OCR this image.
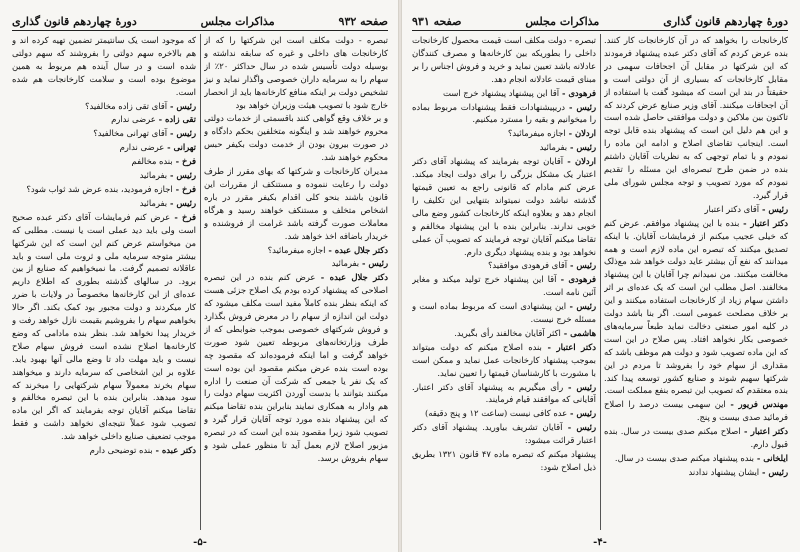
صفحه ۹۳۲
مذاکرات مجلس
دورهٔ چهاردهم قانون گذاری

تبصره - دولت مکلف است این شرکتها را که از کارخانجات های داخلی و غیره که سابقه نداشته و بوسیله دولت تأسیس شده در سال حداکثر ۲۰٪ از سهام را به سرمایه داران خصوصی واگذار نماید و نیز تشخیص دولت بر اینکه منافع کارخانه‌ها باید از انحصار خارج شود با تصویب هیئت وزیران خواهد بود

و بر خلاف وقع گواهی کنند باقسمتی از خدمات دولتی محروم خواهند شد و اینگونه متخلفین بحکم دادگاه و در صورت بیرون بودن از خدمت دولت بکیفر حبس محکوم خواهند شد.

مدیران کارخانجات و شرکتها که بهای مقرر از طرف دولت را رعایت ننموده و مستنکف از مقررات این قانون باشند بنحو کلی اقدام بکیفر مقرر در باره اشخاص متخلف و مستنکف خواهند رسید و هرگاه معاملات صورت گرفته باشد غرامت از فروشنده و خریدار باضافه اخذ خواهد شد.

دکتر جلال عبده - اجازه میفرمائید؟

رئیس - بفرمائید

دکتر جلال عبده - عرض کنم بنده در این تبصره اصلاحی که پیشنهاد کرده بودم یک اصلاح جزئی هست که اینکه بنظر بنده کاملاً مفید است مکلف میشود که دولت این اندازه از سهام را در معرض فروش بگذارد و فروش شرکتهای خصوصی بموجب ضوابطی که از طرف وزارتخانه‌های مربوطه تعیین شود صورت خواهد گرفت و اما اینکه فرموده‌اند که مقصود چه بوده است بنده عرض میکنم مقصود این بوده است که یک نفر یا جمعی که شرکت آن صنعت را اداره میکنند بتوانند با بدست آوردن اکثریت سهام دولت را هم وادار به همکاری نمایند بنابراین بنده تقاضا میکنم که این پیشنهاد بنده مورد توجه آقایان قرار گیرد و تصویب شود زیرا مقصود بنده این است که در تبصره مزبور اصلاح لازم بعمل آید تا منظور عملی شود و سهام بفروش برسد.

که موجود است یک سانتیمتر تضمین تهیه کرده اند و هم بالاخره سهم دولتی را بفروشند که سهم دولتی شده است و در سال آینده هم مربوط به همین موضوع بوده است و سلامت کارخانجات هم شده است.

رئیس - آقای تقی‌ زاده مخالفید؟

تقی زاده - عرضی ندارم

رئیس - آقای تهرانی مخالفید؟

تهرانی - عرضی ندارم

فرخ - بنده مخالفم

رئیس - بفرمائید

فرخ - اجازه فرمودید، بنده عرض شد ثواب شود؟

رئیس - بفرمائید

فرخ - عرض کنم فرمایشات آقای دکتر عبده صحیح است ولی باید دید عملی است یا نیست. مطلبی که من میخواستم عرض کنم این است که این شرکتها بیشتر متوجه سرمایه ملی و ثروت ملی است و باید عاقلانه تصمیم گرفت. ما نمیخواهیم که صنایع از بین برود. در سالهای گذشته بطوری که اطلاع داریم عده‌ای از این کارخانه‌ها مخصوصاً در ولایات با ضرر کار میکردند و دولت مجبور بود کمک بکند. اگر حالا بخواهیم سهام را بفروشیم بقیمت نازل خواهد رفت و خریدار پیدا نخواهد شد. بنظر بنده مادامی که وضع کارخانه‌ها اصلاح نشده است فروش سهام صلاح نیست و باید مهلت داد تا وضع مالی آنها بهبود یابد. علاوه بر این اشخاصی که سرمایه دارند و میخواهند سهام بخرند معمولاً سهام شرکتهایی را میخرند که سود میدهد. بنابراین بنده با این تبصره مخالفم و تقاضا میکنم آقایان توجه بفرمایند که اگر این ماده تصویب شود عملاً نتیجه‌ای نخواهد داشت و فقط موجب تضعیف صنایع داخلی خواهد شد.

دکتر عبده - بنده توضیحی دارم

-۵-
دورهٔ چهاردهم قانون گذاری
مذاکرات مجلس
صفحه ۹۳۱

کارخانجات را بخواهد که در آن کارخانجات کار کنند. بنده عرض کردم که آقای دکتر عبده پیشنهاد فرمودند که این شرکتها در مقابل آن اجحافات سهمی در مقابل کارخانجات که بسیاری از آن دولتی است و حقیقتاً در بند این است که میشود گفت با استفاده از آن اجحافات میکنند. آقای وزیر صنایع عرض کردند که تاکنون بین ملاکین و دولت موافقتی حاصل شده است و این هم دلیل این است که پیشنهاد بنده قابل توجه است. اینجانب تقاضای اصلاح و ادامه این ماده را نمودم و با تمام توجهی که به نظریات آقایان داشتم بنده در ضمن طرح تبصره‌ای این مسئله را تقدیم نمودم که مورد تصویب و توجه مجلس شورای ملی قرار گیرد.

رئیس - آقای دکتر اعتبار

دکتر اعتبار - بنده با این پیشنهاد موافقم. عرض کنم که خیلی عجیب میکنم از فرمایشات آقایان. با اینکه تصدیق میکنند که تبصره این ماده لازم است و همه میدانند که نفع آن بیشتر عاید دولت خواهد شد مع‌ذلک مخالفت میکنند. من نمیدانم چرا آقایان با این پیشنهاد مخالفند. اصل مطلب این است که یک عده‌ای بر اثر داشتن سهام زیاد از کارخانجات استفاده میکنند و این بر خلاف مصلحت عمومی است. اگر بنا باشد دولت در کلیه امور صنعتی دخالت نماید طبعاً سرمایه‌های خصوصی بکار نخواهد افتاد. پس صلاح در این است که این ماده تصویب شود و دولت هم موظف باشد که مقداری از سهام خود را بفروشد تا مردم در این شرکتها سهیم شوند و صنایع کشور توسعه پیدا کند. بنده معتقدم که تصویب این تبصره بنفع مملکت است.

مهندس فریور - این سهمی بیست درصد را اصلاح فرمائید صدی بیست و پنج.

دکتر اعتبار - اصلاح میکنم صدی بیست در سال. بنده قبول دارم.

ایلخانی - بنده پیشنهاد میکنم صدی بیست در سال.

رئیس - ایشان پیشنهاد ندادند

تبصره - دولت مکلف است قیمت محصول کارخانجات داخلی را بطوریکه بین کارخانه‌ها و مصرف کنندگان عادلانه باشد تعیین نماید و خرید و فروش اجناس را بر مبنای قیمت عادلانه انجام دهد.

فرهودی - آقا این پیشنهاد پیشنهاد خرج است

رئیس - دریپیشنهادات فقط پیشنهادات مربوط بماده را میخوانیم و بقیه را مسترد میکنیم.

اردلان - اجازه میفرمائید؟

رئیس - بفرمائید

اردلان - آقایان توجه بفرمایند که پیشنهاد آقای دکتر اعتبار یک مشکل بزرگی را برای دولت ایجاد میکند. عرض کنم مادام که قانونی راجع به تعیین قیمتها گذشته نباشد دولت نمیتواند بتنهایی این تکلیف را انجام دهد و بعلاوه اینکه کارخانجات کشور وضع مالی خوبی ندارند. بنابراین بنده با این پیشنهاد مخالفم و تقاضا میکنم آقایان توجه فرمایند که تصویب آن عملی نخواهد بود و بنده پیشنهاد دیگری دارم.

رئیس - آقای فرهودی موافقید؟

فرهودی - آقا این پیشنهاد خرج تولید میکند و مغایر آئین نامه است.

رئیس - این پیشنهادی است که مربوط بماده است و مسئله خرج نیست.

هاشمی - اکثر آقایان مخالفند رأی بگیرید.

دکتر اعتبار - بنده اصلاح میکنم که دولت میتواند بموجب پیشنهاد کارخانجات عمل نماید و ممکن است با مشورت با کارشناسان قیمتها را تعیین نماید.

رئیس - رأی میگیریم به پیشنهاد آقای دکتر اعتبار. آقایانی که موافقند قیام فرمایند.

رئیس - عده کافی نیست (ساعت ۱۲ و پنج دقیقه)

رئیس - آقایان تشریف بیاورید. پیشنهاد آقای دکتر اعتبار قرائت میشود:

پیشنهاد میکنم که تبصره ماده ۴۷ قانون ۱۳۲۱ بطریق ذیل اصلاح شود:

-۴-
